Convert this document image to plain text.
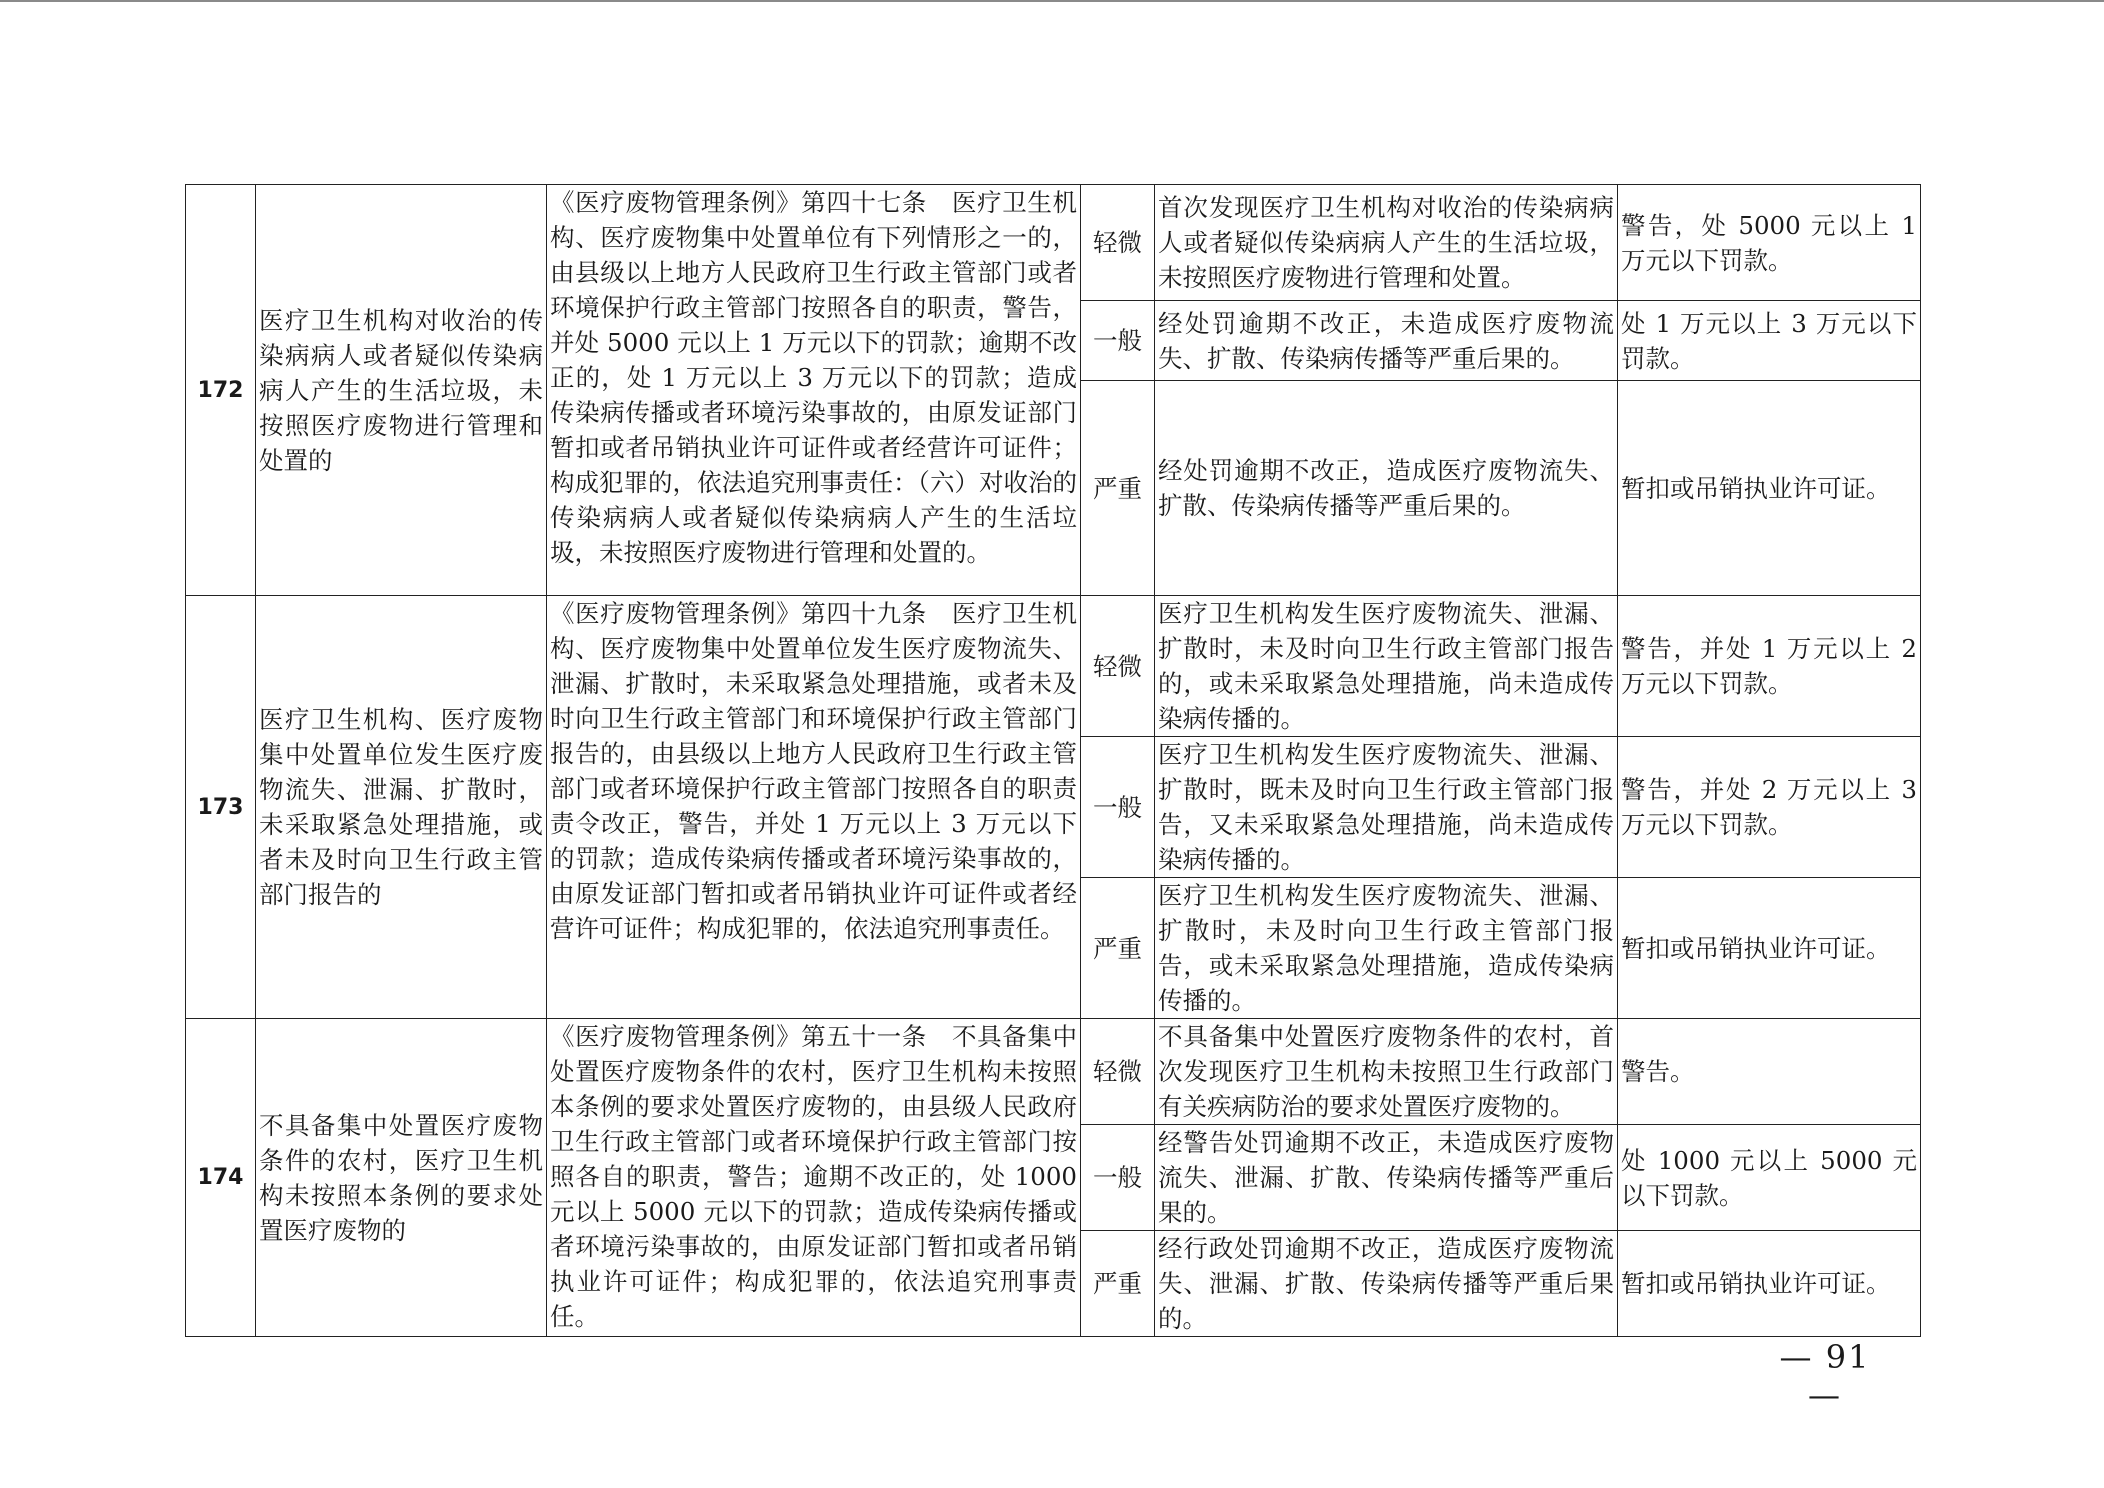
172	医疗卫生机构对收治的传染病病人或者疑似传染病病人产生的生活垃圾，未按照医疗废物进行管理和处置的	《医疗废物管理条例》第四十七条　医疗卫生机构、医疗废物集中处置单位有下列情形之一的，由县级以上地方人民政府卫生行政主管部门或者环境保护行政主管部门按照各自的职责，警告，并处 5000 元以上 1 万元以下的罚款；逾期不改正的，处 1 万元以上 3 万元以下的罚款；造成传染病传播或者环境污染事故的，由原发证部门暂扣或者吊销执业许可证件或者经营许可证件；构成犯罪的，依法追究刑事责任：（六）对收治的传染病病人或者疑似传染病病人产生的生活垃圾，未按照医疗废物进行管理和处置的。	轻微	首次发现医疗卫生机构对收治的传染病病人或者疑似传染病病人产生的生活垃圾，未按照医疗废物进行管理和处置。	警告，处 5000 元以上 1 万元以下罚款。
			一般	经处罚逾期不改正，未造成医疗废物流失、扩散、传染病传播等严重后果的。	处 1 万元以上 3 万元以下罚款。
			严重	经处罚逾期不改正，造成医疗废物流失、扩散、传染病传播等严重后果的。	暂扣或吊销执业许可证。
173	医疗卫生机构、医疗废物集中处置单位发生医疗废物流失、泄漏、扩散时，未采取紧急处理措施，或者未及时向卫生行政主管部门报告的	《医疗废物管理条例》第四十九条　医疗卫生机构、医疗废物集中处置单位发生医疗废物流失、泄漏、扩散时，未采取紧急处理措施，或者未及时向卫生行政主管部门和环境保护行政主管部门报告的，由县级以上地方人民政府卫生行政主管部门或者环境保护行政主管部门按照各自的职责责令改正，警告，并处 1 万元以上 3 万元以下的罚款；造成传染病传播或者环境污染事故的，由原发证部门暂扣或者吊销执业许可证件或者经营许可证件；构成犯罪的，依法追究刑事责任。	轻微	医疗卫生机构发生医疗废物流失、泄漏、扩散时，未及时向卫生行政主管部门报告的，或未采取紧急处理措施，尚未造成传染病传播的。	警告，并处 1 万元以上 2 万元以下罚款。
			一般	医疗卫生机构发生医疗废物流失、泄漏、扩散时，既未及时向卫生行政主管部门报告，又未采取紧急处理措施，尚未造成传染病传播的。	警告，并处 2 万元以上 3 万元以下罚款。
			严重	医疗卫生机构发生医疗废物流失、泄漏、扩散时，未及时向卫生行政主管部门报告，或未采取紧急处理措施，造成传染病传播的。	暂扣或吊销执业许可证。
174	不具备集中处置医疗废物条件的农村，医疗卫生机构未按照本条例的要求处置医疗废物的	《医疗废物管理条例》第五十一条　不具备集中处置医疗废物条件的农村，医疗卫生机构未按照本条例的要求处置医疗废物的，由县级人民政府卫生行政主管部门或者环境保护行政主管部门按照各自的职责，警告；逾期不改正的，处 1000 元以上 5000 元以下的罚款；造成传染病传播或者环境污染事故的，由原发证部门暂扣或者吊销执业许可证件；构成犯罪的，依法追究刑事责任。	轻微	不具备集中处置医疗废物条件的农村，首次发现医疗卫生机构未按照卫生行政部门有关疾病防治的要求处置医疗废物的。	警告。
			一般	经警告处罚逾期不改正，未造成医疗废物流失、泄漏、扩散、传染病传播等严重后果的。	处 1000 元以上 5000 元以下罚款。
			严重	经行政处罚逾期不改正，造成医疗废物流失、泄漏、扩散、传染病传播等严重后果的。	暂扣或吊销执业许可证。
— 91 —
